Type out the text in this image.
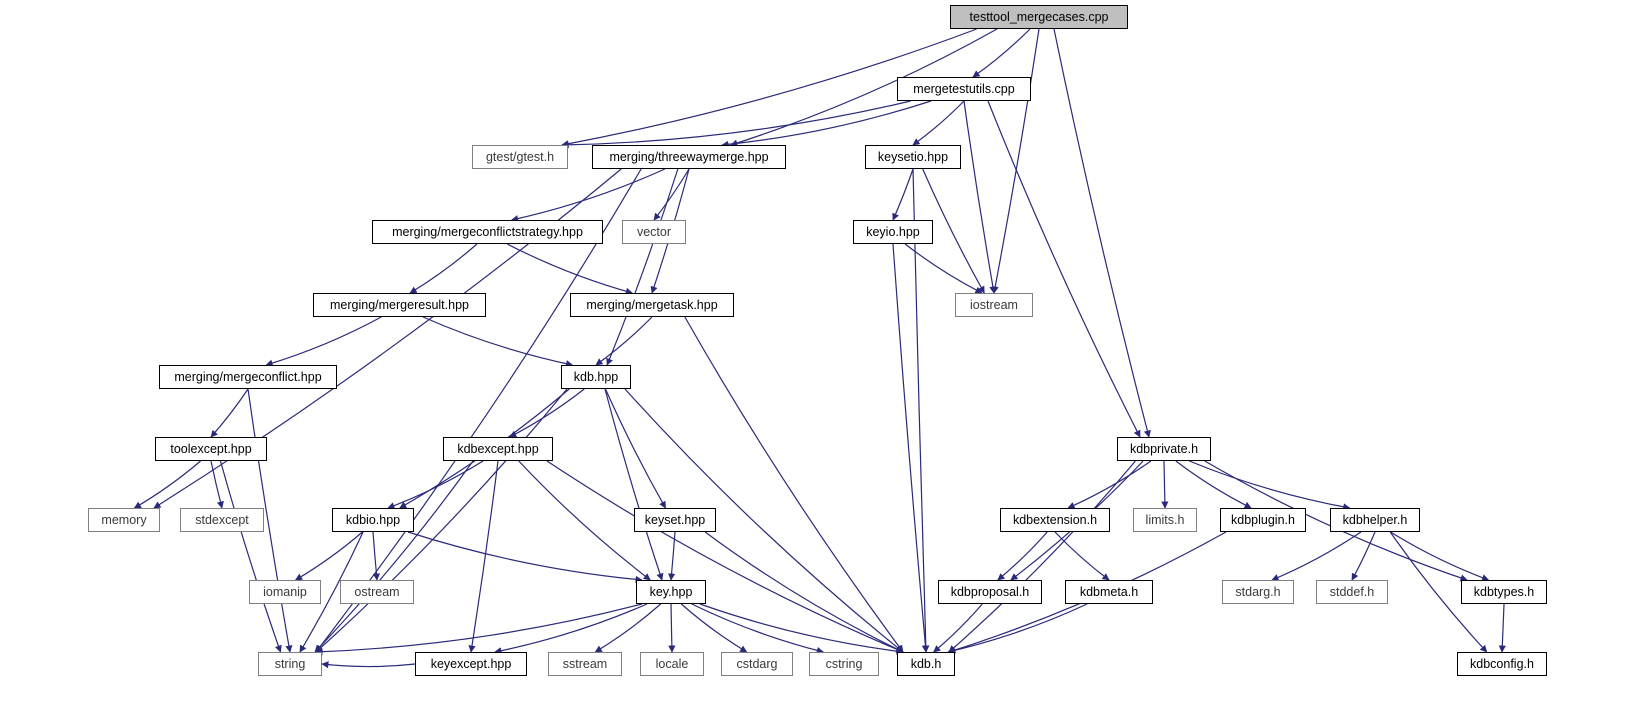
testtool_mergecases.cpp
mergetestutils.cpp
gtest/gtest.h	merging/threewaymerge.hpp	keysetio.hpp
merging/mergeconflictstrategy.hpp	vector	keyio.hpp
merging/mergeresult.hpp	merging/mergetask.hpp	iostream
merging/mergeconflict.hpp	kdb.hpp
kdbprivate.h
toolexcept.hpp	kdbexcept.hpp
kdbextension.h	limits.h	kdbplugin.h	kdbhelper.h
memory	stdexcept	kdbio.hpp	keyset.hpp
kdbproposal.h	kdbmeta.h	stdarg.h	stddef.h	kdbtypes.h
iomanip	ostream	key.hpp
string	keyexcept.hpp	sstream	locale	cstdarg	cstring	kdb.h	kdbconfig.h
